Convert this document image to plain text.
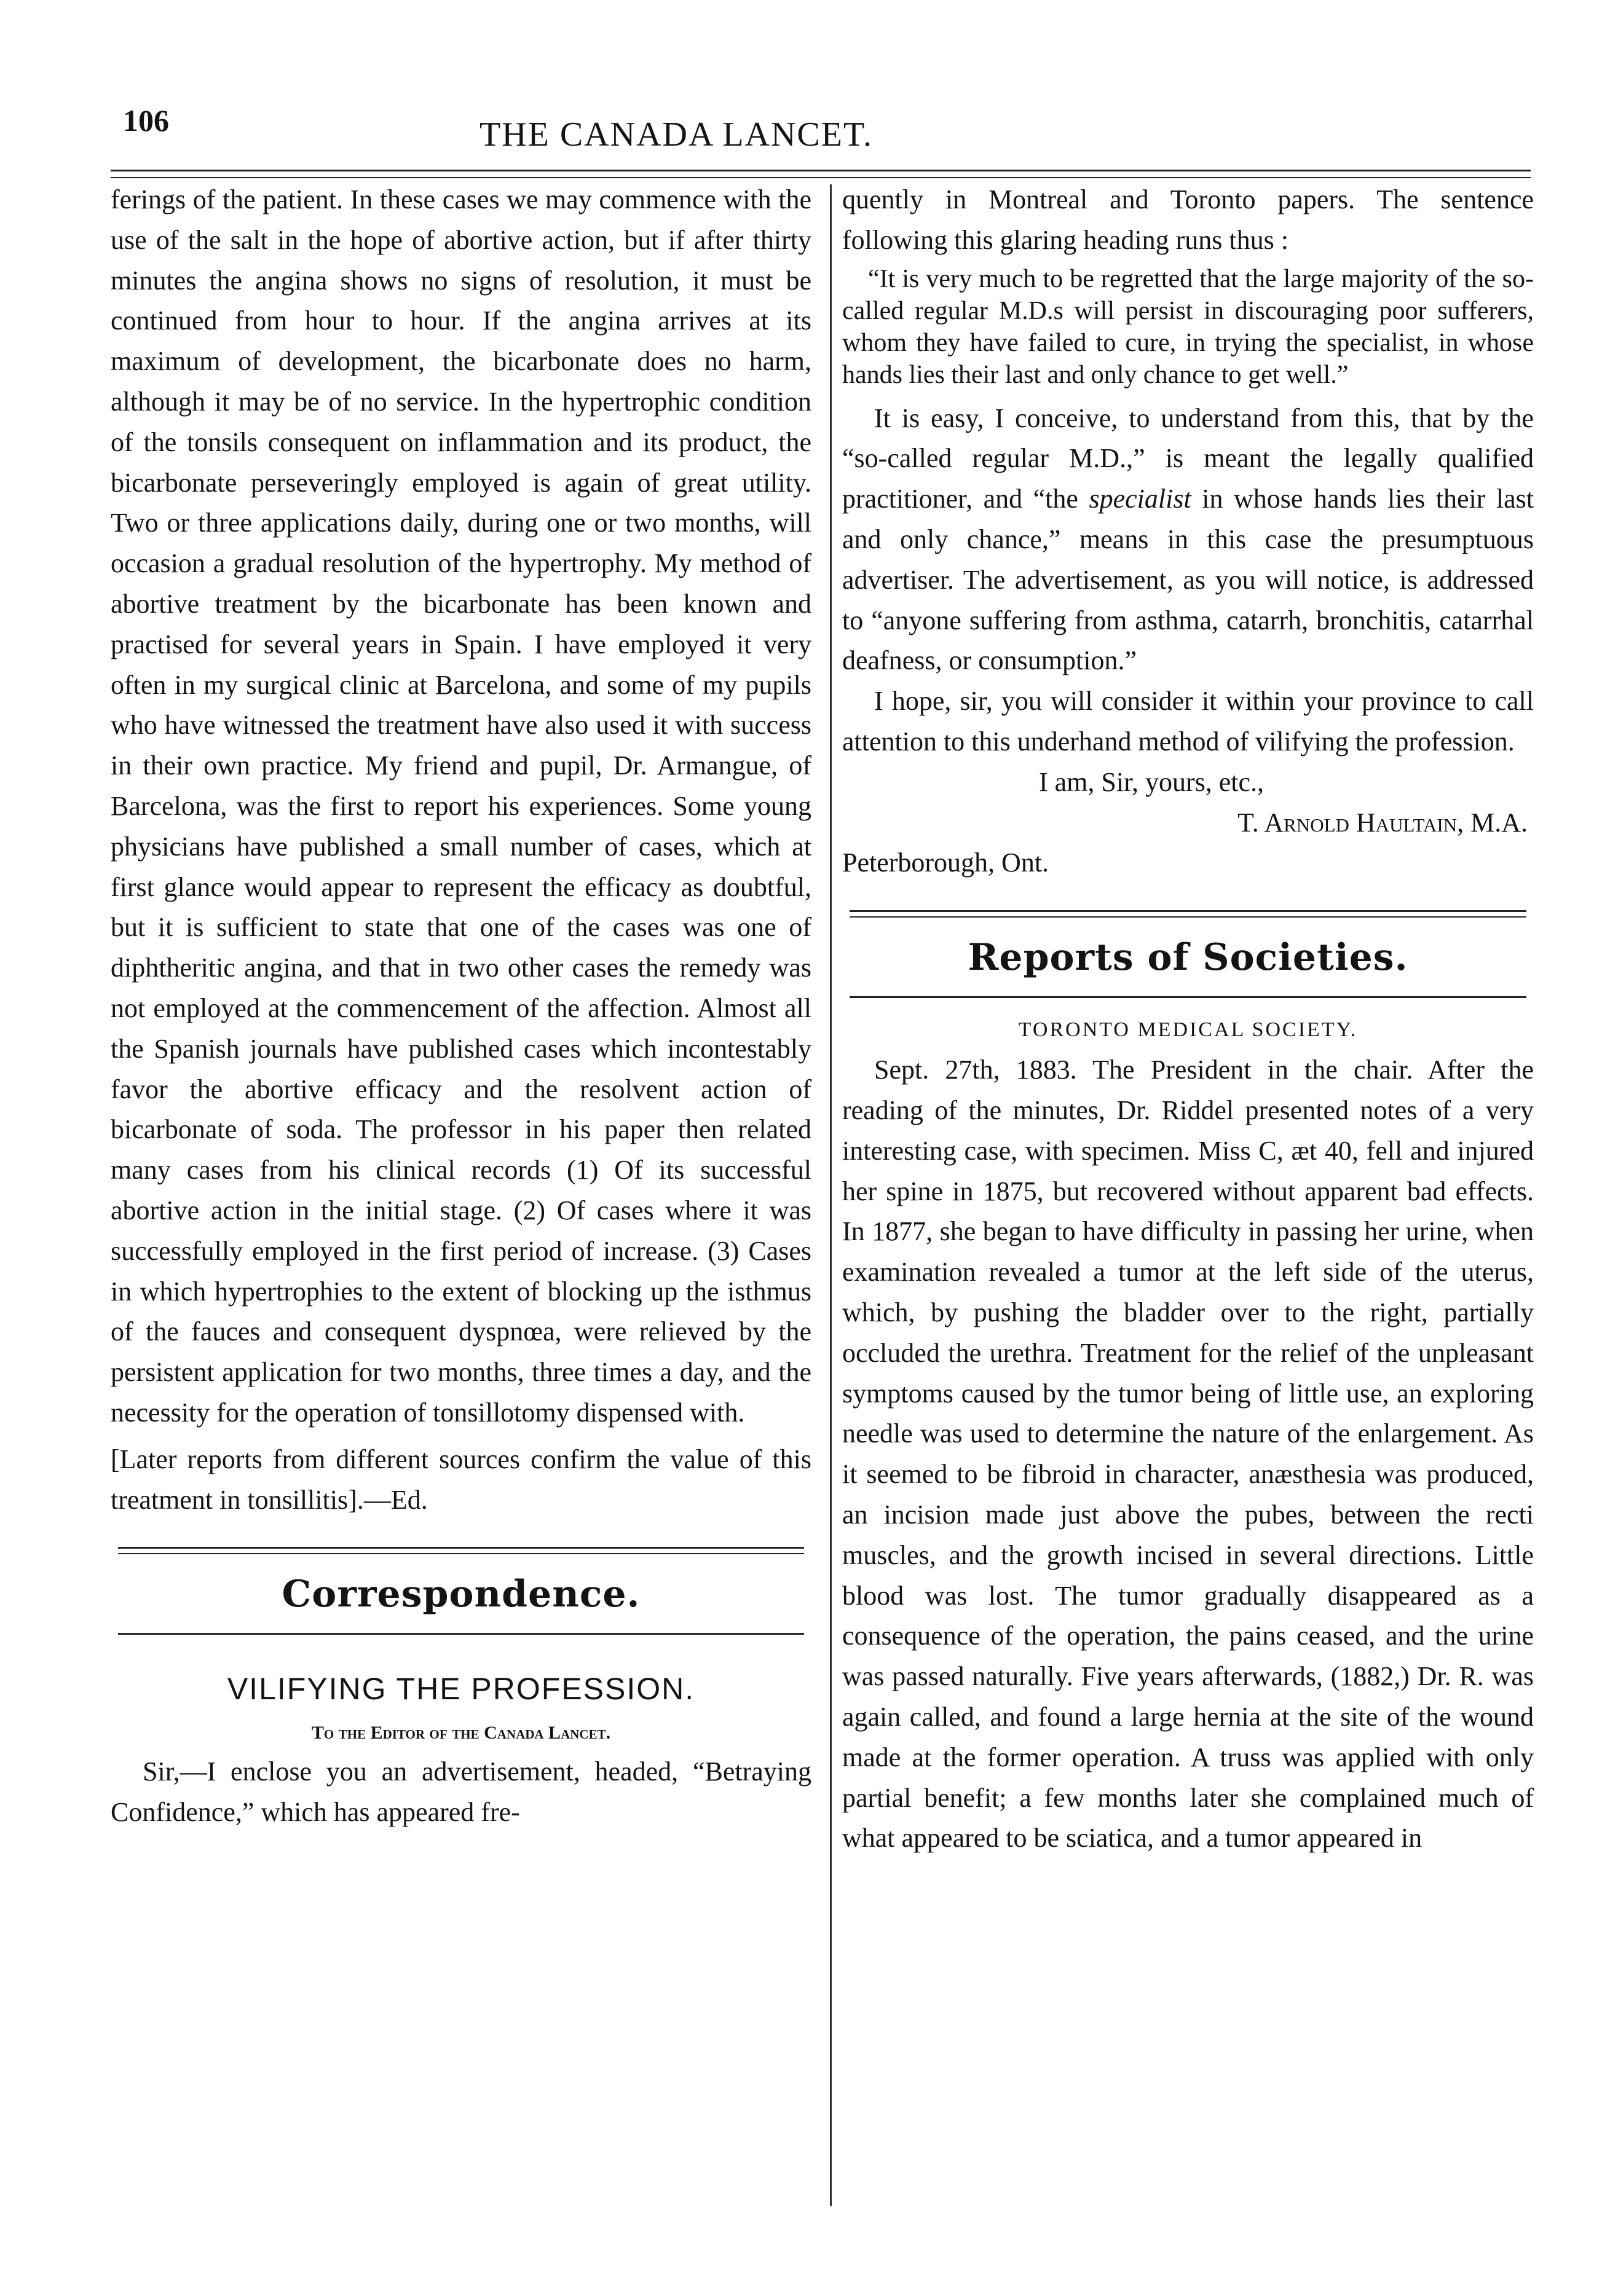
106	THE CANADA LANCET.

ferings of the patient. In these cases we may commence with the use of the salt in the hope of abortive action, but if after thirty minutes the angina shows no signs of resolution, it must be continued from hour to hour. If the angina arrives at its maximum of development, the bicarbonate does no harm, although it may be of no service. In the hypertrophic condition of the tonsils consequent on inflammation and its product, the bicarbonate perseveringly employed is again of great utility. Two or three applications daily, during one or two months, will occasion a gradual resolution of the hypertrophy. My method of abortive treatment by the bicarbonate has been known and practised for several years in Spain. I have employed it very often in my surgical clinic at Barcelona, and some of my pupils who have witnessed the treatment have also used it with success in their own practice. My friend and pupil, Dr. Armangue, of Barcelona, was the first to report his experiences. Some young physicians have published a small number of cases, which at first glance would appear to represent the efficacy as doubtful, but it is sufficient to state that one of the cases was one of diphtheritic angina, and that in two other cases the remedy was not employed at the commencement of the affection. Almost all the Spanish journals have published cases which incontestably favor the abortive efficacy and the resolvent action of bicarbonate of soda. The professor in his paper then related many cases from his clinical records (1) Of its successful abortive action in the initial stage. (2) Of cases where it was successfully employed in the first period of increase. (3) Cases in which hypertrophies to the extent of blocking up the isthmus of the fauces and consequent dyspnœa, were relieved by the persistent application for two months, three times a day, and the necessity for the operation of tonsillotomy dispensed with.

[Later reports from different sources confirm the value of this treatment in tonsillitis].—Ed.

Correspondence.
VILIFYING THE PROFESSION.
To the Editor of the Canada Lancet.

Sir,—I enclose you an advertisement, headed, “Betraying Confidence,” which has appeared fre-

quently in Montreal and Toronto papers. The sentence following this glaring heading runs thus :

“It is very much to be regretted that the large majority of the so-called regular M.D.s will persist in discouraging poor sufferers, whom they have failed to cure, in trying the specialist, in whose hands lies their last and only chance to get well.”

It is easy, I conceive, to understand from this, that by the “so-called regular M.D.,” is meant the legally qualified practitioner, and “the specialist in whose hands lies their last and only chance,” means in this case the presumptuous advertiser. The advertisement, as you will notice, is addressed to “anyone suffering from asthma, catarrh, bronchitis, catarrhal deafness, or consumption.”

I hope, sir, you will consider it within your province to call attention to this underhand method of vilifying the profession.

I am, Sir, yours, etc.,

T. Arnold Haultain, M.A.

Peterborough, Ont.

Reports of Societies.
TORONTO MEDICAL SOCIETY.

Sept. 27th, 1883. The President in the chair. After the reading of the minutes, Dr. Riddel presented notes of a very interesting case, with specimen. Miss C, æt 40, fell and injured her spine in 1875, but recovered without apparent bad effects. In 1877, she began to have difficulty in passing her urine, when examination revealed a tumor at the left side of the uterus, which, by pushing the bladder over to the right, partially occluded the urethra. Treatment for the relief of the unpleasant symptoms caused by the tumor being of little use, an exploring needle was used to determine the nature of the enlargement. As it seemed to be fibroid in character, anæsthesia was produced, an incision made just above the pubes, between the recti muscles, and the growth incised in several directions. Little blood was lost. The tumor gradually disappeared as a consequence of the operation, the pains ceased, and the urine was passed naturally. Five years afterwards, (1882,) Dr. R. was again called, and found a large hernia at the site of the wound made at the former operation. A truss was applied with only partial benefit; a few months later she complained much of what appeared to be sciatica, and a tumor appeared in
